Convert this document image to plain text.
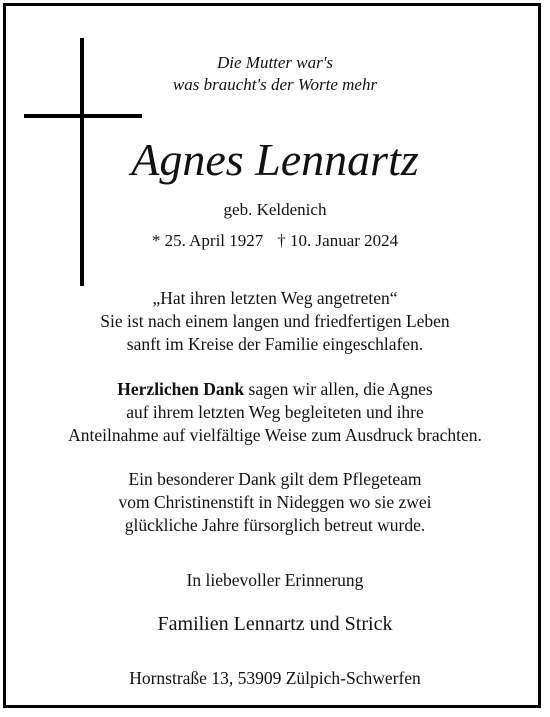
Die Mutter war's
was braucht's der Worte mehr
Agnes Lennartz
geb. Keldenich
* 25. April 1927 † 10. Januar 2024
„Hat ihren letzten Weg angetreten“
Sie ist nach einem langen und friedfertigen Leben
sanft im Kreise der Familie eingeschlafen.
Herzlichen Dank sagen wir allen, die Agnes
auf ihrem letzten Weg begleiteten und ihre
Anteilnahme auf vielfältige Weise zum Ausdruck brachten.
Ein besonderer Dank gilt dem Pflegeteam
vom Christinenstift in Nideggen wo sie zwei
glückliche Jahre fürsorglich betreut wurde.
In liebevoller Erinnerung
Familien Lennartz und Strick
Hornstraße 13, 53909 Zülpich-Schwerfen
